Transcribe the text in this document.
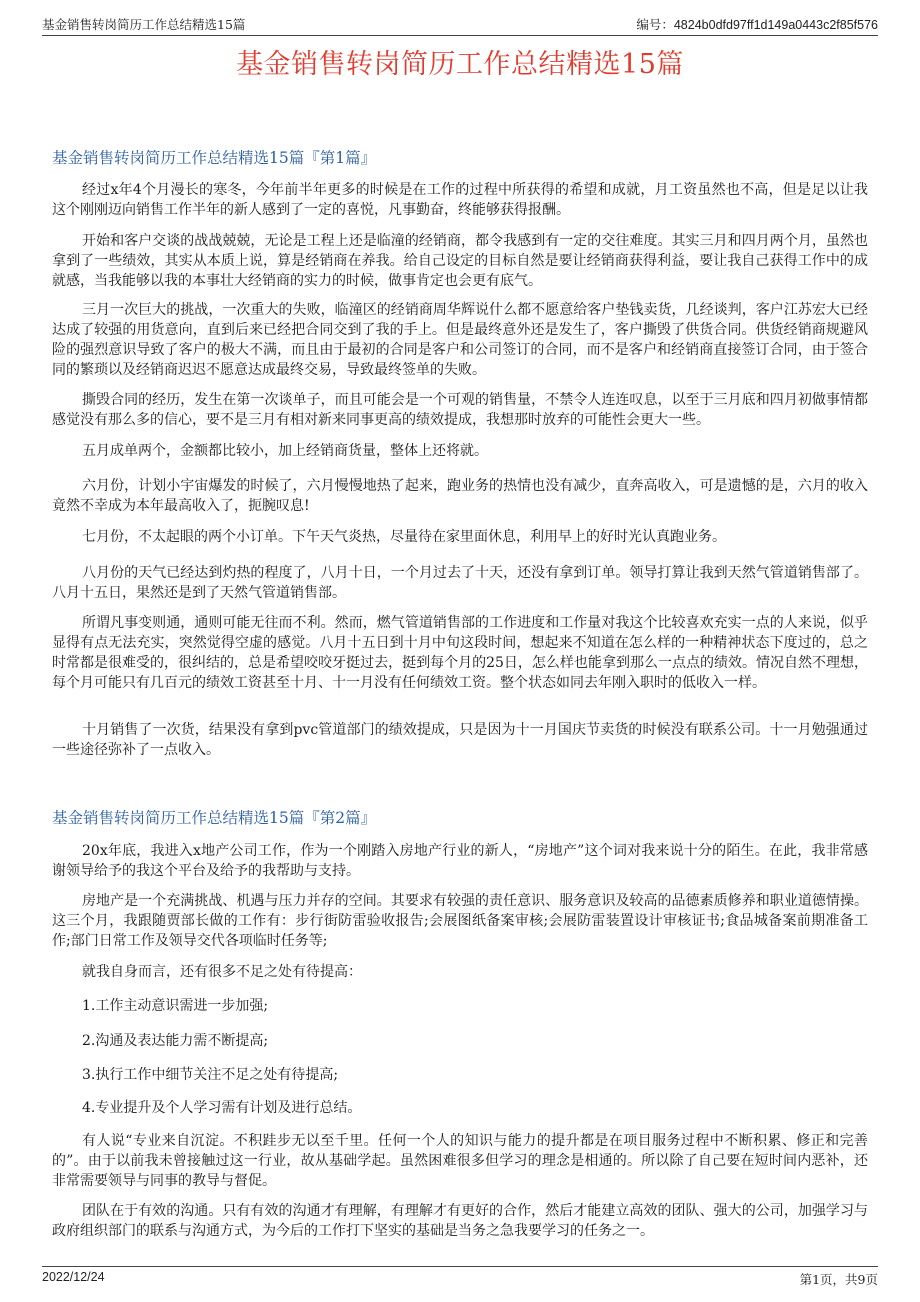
基金销售转岗简历工作总结精选15篇	编号：4824b0dfd97ff1d149a0443c2f85f576
基金销售转岗简历工作总结精选15篇
基金销售转岗简历工作总结精选15篇『第1篇』

经过x年4个月漫长的寒冬，今年前半年更多的时候是在工作的过程中所获得的希望和成就，月工资虽然也不高，但是足以让我这个刚刚迈向销售工作半年的新人感到了一定的喜悦，凡事勤奋，终能够获得报酬。

开始和客户交谈的战战兢兢，无论是工程上还是临潼的经销商，都令我感到有一定的交往难度。其实三月和四月两个月，虽然也拿到了一些绩效，其实从本质上说，算是经销商在养我。给自己设定的目标自然是要让经销商获得利益，要让我自己获得工作中的成就感，当我能够以我的本事壮大经销商的实力的时候，做事肯定也会更有底气。

三月一次巨大的挑战，一次重大的失败，临潼区的经销商周华辉说什么都不愿意给客户垫钱卖货，几经谈判，客户江苏宏大已经达成了较强的用货意向，直到后来已经把合同交到了我的手上。但是最终意外还是发生了，客户撕毁了供货合同。供货经销商规避风险的强烈意识导致了客户的极大不满，而且由于最初的合同是客户和公司签订的合同，而不是客户和经销商直接签订合同，由于签合同的繁琐以及经销商迟迟不愿意达成最终交易，导致最终签单的失败。

撕毁合同的经历，发生在第一次谈单子，而且可能会是一个可观的销售量，不禁令人连连叹息，以至于三月底和四月初做事情都感觉没有那么多的信心，要不是三月有相对新来同事更高的绩效提成，我想那时放弃的可能性会更大一些。

五月成单两个，金额都比较小，加上经销商货量，整体上还将就。

六月份，计划小宇宙爆发的时候了，六月慢慢地热了起来，跑业务的热情也没有减少，直奔高收入，可是遗憾的是，六月的收入竟然不幸成为本年最高收入了，扼腕叹息!

七月份，不太起眼的两个小订单。下午天气炎热，尽量待在家里面休息，利用早上的好时光认真跑业务。

八月份的天气已经达到灼热的程度了，八月十日，一个月过去了十天，还没有拿到订单。领导打算让我到天然气管道销售部了。八月十五日，果然还是到了天然气管道销售部。

所谓凡事变则通，通则可能无往而不利。然而，燃气管道销售部的工作进度和工作量对我这个比较喜欢充实一点的人来说，似乎显得有点无法充实，突然觉得空虚的感觉。八月十五日到十月中旬这段时间，想起来不知道在怎么样的一种精神状态下度过的，总之时常都是很难受的，很纠结的，总是希望咬咬牙挺过去，挺到每个月的25日，怎么样也能拿到那么一点点的绩效。情况自然不理想，每个月可能只有几百元的绩效工资甚至十月、十一月没有任何绩效工资。整个状态如同去年刚入职时的低收入一样。

十月销售了一次货，结果没有拿到pvc管道部门的绩效提成，只是因为十一月国庆节卖货的时候没有联系公司。十一月勉强通过一些途径弥补了一点收入。

基金销售转岗简历工作总结精选15篇『第2篇』

20x年底，我进入x地产公司工作，作为一个刚踏入房地产行业的新人，“房地产”这个词对我来说十分的陌生。在此，我非常感谢领导给予的我这个平台及给予的我帮助与支持。

房地产是一个充满挑战、机遇与压力并存的空间。其要求有较强的责任意识、服务意识及较高的品德素质修养和职业道德情操。这三个月，我跟随贾部长做的工作有：步行街防雷验收报告;会展图纸备案审核;会展防雷装置设计审核证书;食品城备案前期准备工作;部门日常工作及领导交代各项临时任务等;

就我自身而言，还有很多不足之处有待提高：

1.工作主动意识需进一步加强;

2.沟通及表达能力需不断提高;

3.执行工作中细节关注不足之处有待提高;

4.专业提升及个人学习需有计划及进行总结。

有人说“专业来自沉淀。不积跬步无以至千里。任何一个人的知识与能力的提升都是在项目服务过程中不断积累、修正和完善的”。由于以前我未曾接触过这一行业，故从基础学起。虽然困难很多但学习的理念是相通的。所以除了自己要在短时间内恶补，还非常需要领导与同事的教导与督促。

团队在于有效的沟通。只有有效的沟通才有理解，有理解才有更好的合作，然后才能建立高效的团队、强大的公司，加强学习与政府组织部门的联系与沟通方式，为今后的工作打下坚实的基础是当务之急我要学习的任务之一。

2022/12/24	第1页，共9页
